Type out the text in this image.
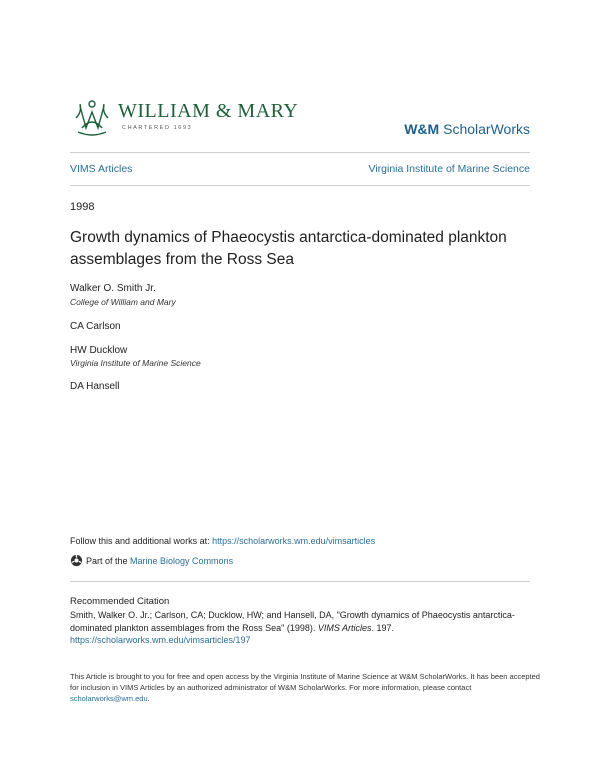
WILLIAM & MARY
CHARTERED 1693	W&M ScholarWorks
VIMS Articles	Virginia Institute of Marine Science
1998
Growth dynamics of Phaeocystis antarctica-dominated plankton assemblages from the Ross Sea
Walker O. Smith Jr.
College of William and Mary
CA Carlson
HW Ducklow
Virginia Institute of Marine Science
DA Hansell
Follow this and additional works at: https://scholarworks.wm.edu/vimsarticles
Part of the Marine Biology Commons
Recommended Citation
Smith, Walker O. Jr.; Carlson, CA; Ducklow, HW; and Hansell, DA, "Growth dynamics of Phaeocystis antarctica-dominated plankton assemblages from the Ross Sea" (1998). VIMS Articles. 197.
https://scholarworks.wm.edu/vimsarticles/197
This Article is brought to you for free and open access by the Virginia Institute of Marine Science at W&M ScholarWorks. It has been accepted for inclusion in VIMS Articles by an authorized administrator of W&M ScholarWorks. For more information, please contact scholarworks@wm.edu.
